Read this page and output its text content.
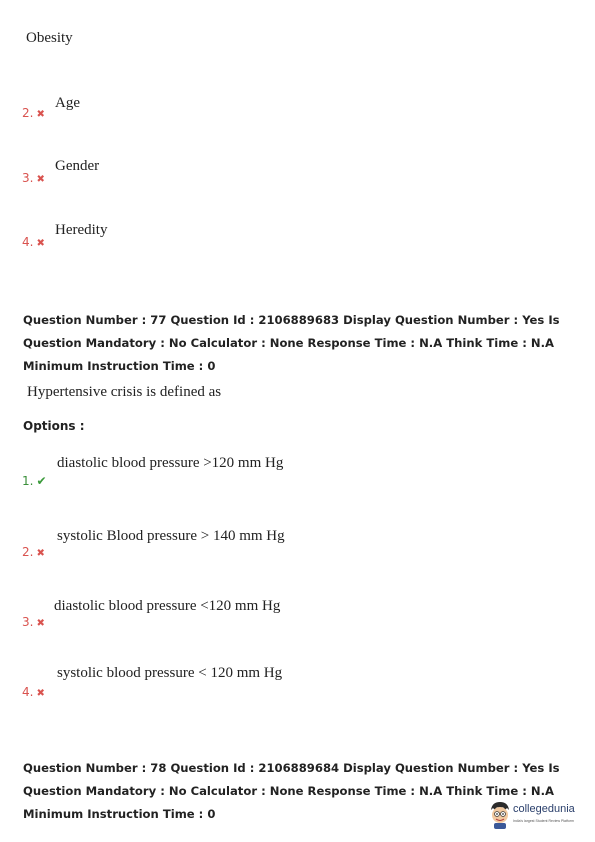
Obesity
2. ✖
Age
3. ✖
Gender
4. ✖
Heredity
Question Number : 77 Question Id : 2106889683 Display Question Number : Yes Is Question Mandatory : No Calculator : None Response Time : N.A Think Time : N.A Minimum Instruction Time : 0
Hypertensive crisis is defined as
Options :
1. ✔
diastolic blood pressure >120 mm Hg
2. ✖
systolic Blood pressure > 140 mm Hg
3. ✖
diastolic blood pressure <120 mm Hg
4. ✖
systolic blood pressure < 120 mm Hg
Question Number : 78 Question Id : 2106889684 Display Question Number : Yes Is Question Mandatory : No Calculator : None Response Time : N.A Think Time : N.A Minimum Instruction Time : 0	collegedunia
India's largest Student Review Platform
